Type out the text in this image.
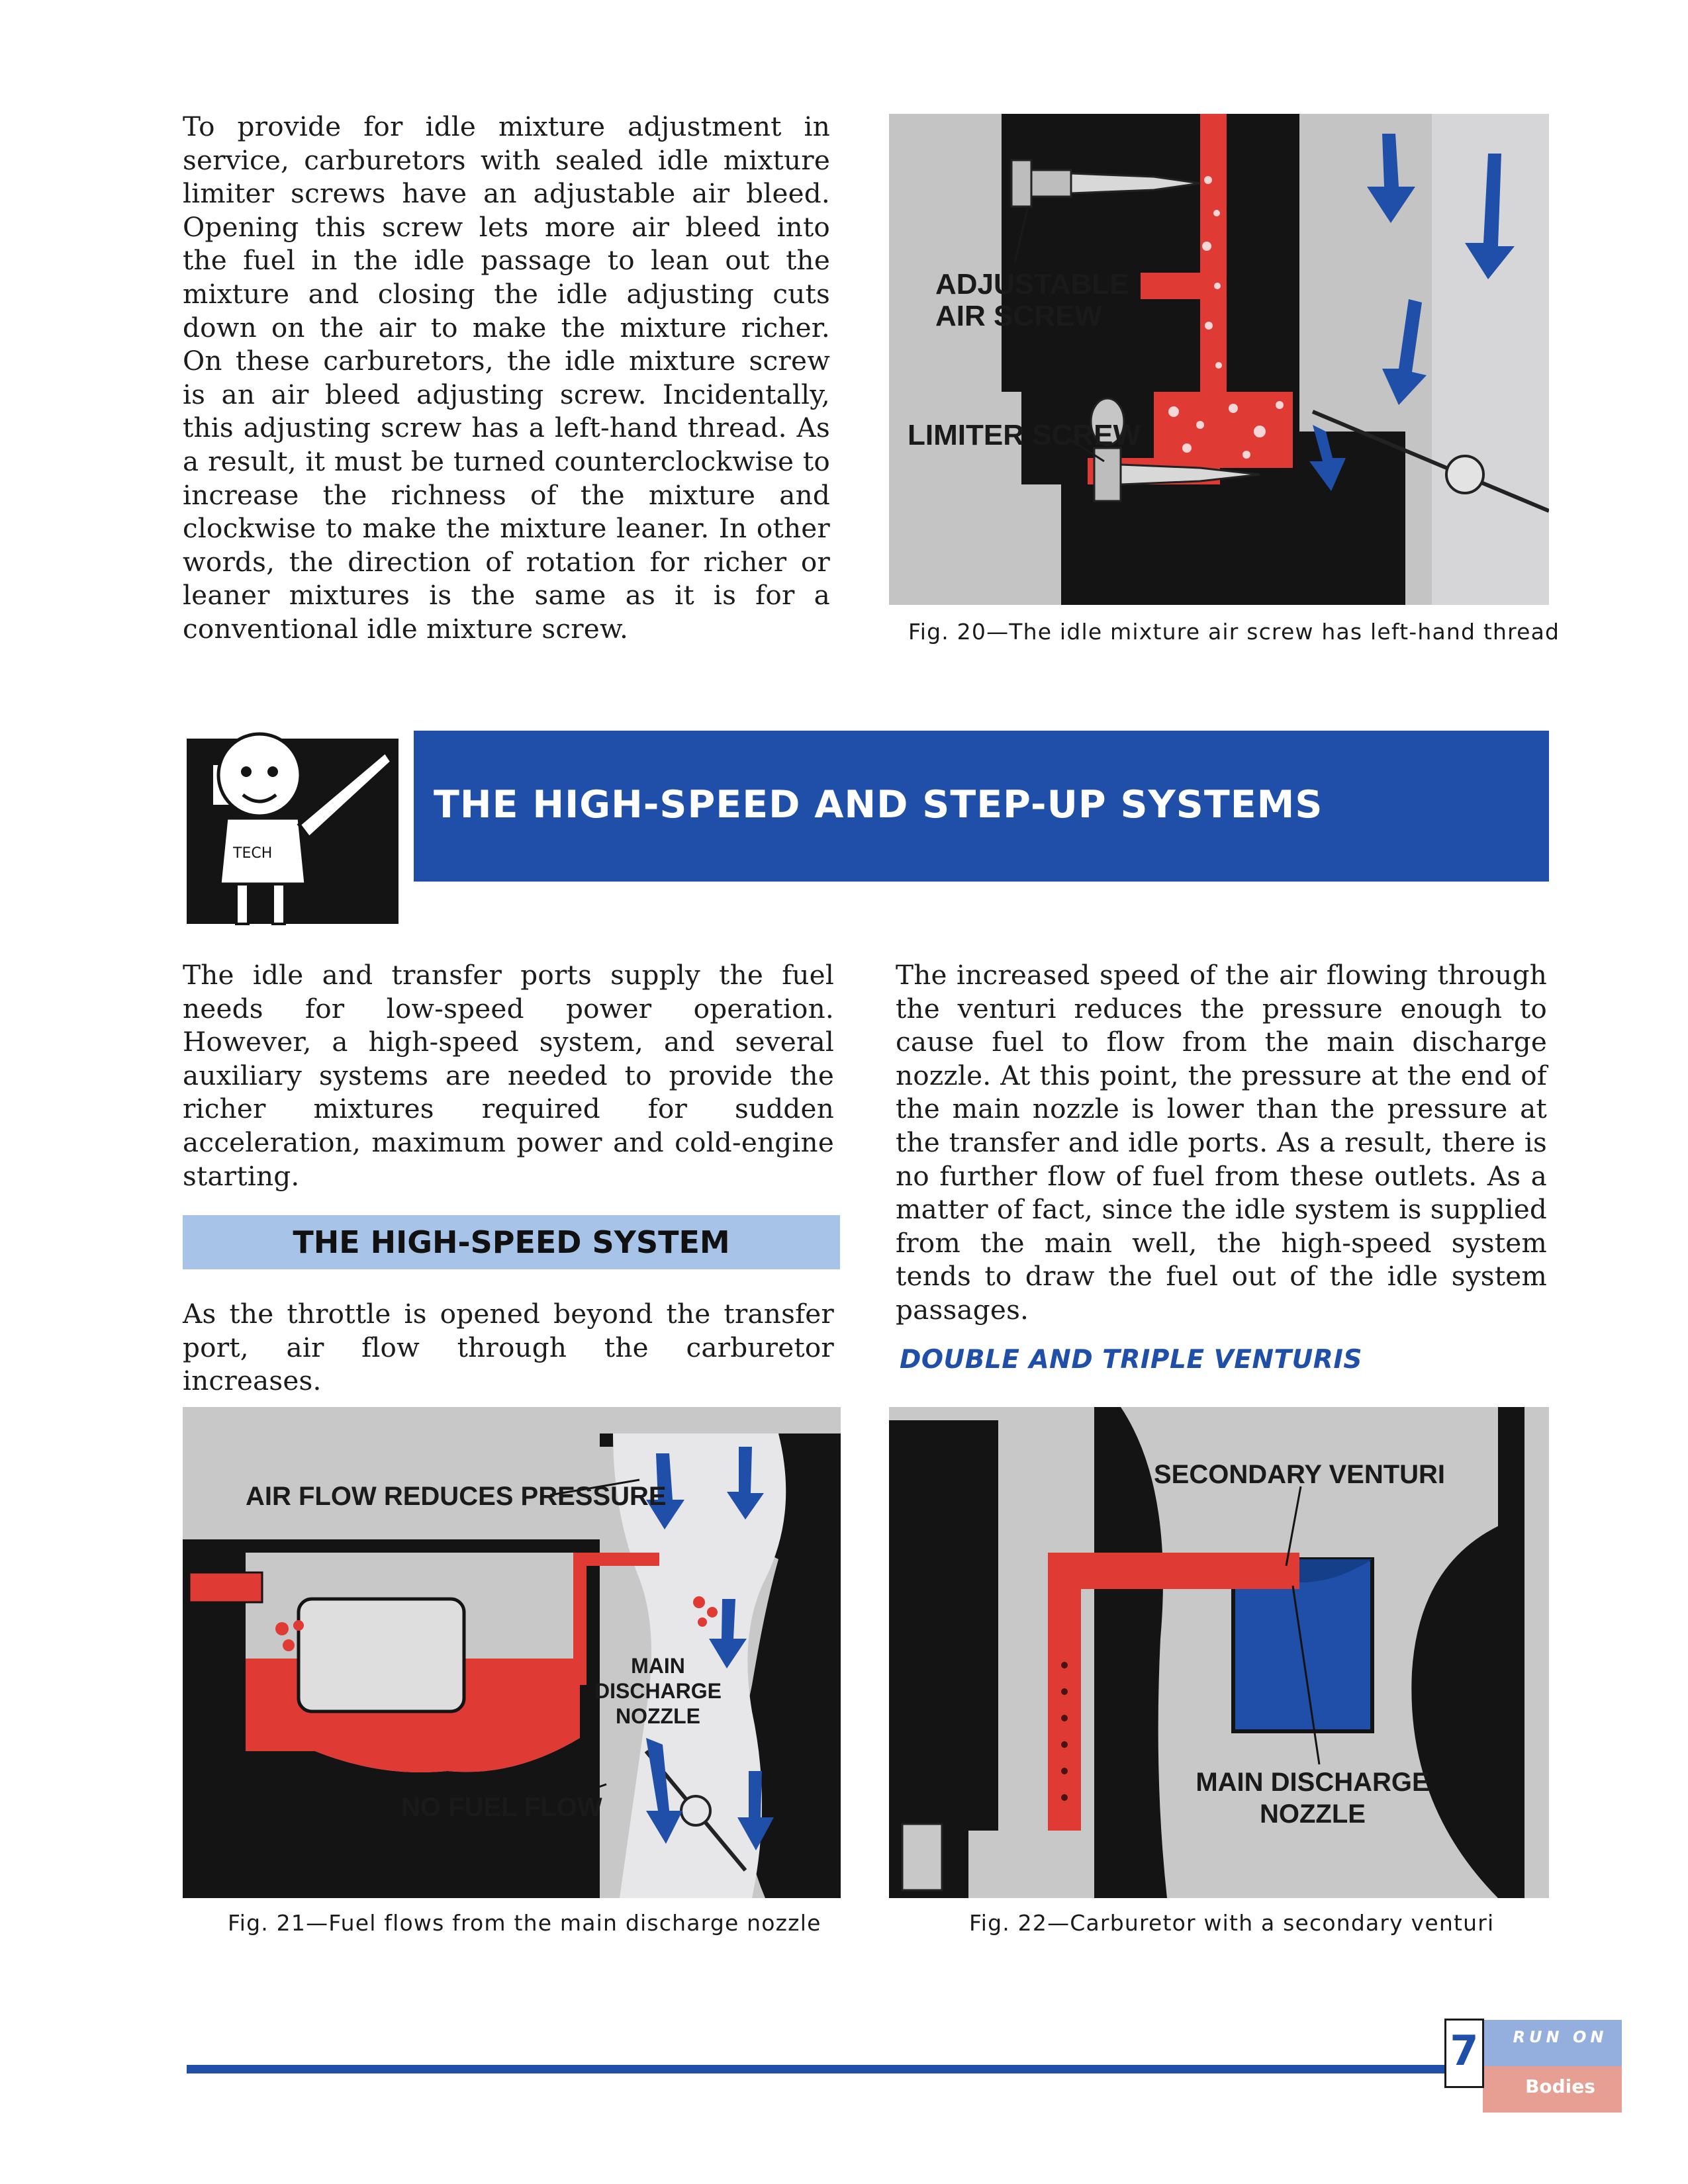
To provide for idle mixture adjustment in service, carburetors with sealed idle mixture limiter screws have an adjustable air bleed. Opening this screw lets more air bleed into the fuel in the idle passage to lean out the mixture and closing the idle adjusting cuts down on the air to make the mixture richer. On these carburetors, the idle mixture screw is an air bleed adjusting screw. Incidentally, this adjusting screw has a left-hand thread. As a result, it must be turned counterclockwise to increase the richness of the mixture and clockwise to make the mixture leaner. In other words, the direction of rotation for richer or leaner mixtures is the same as it is for a conventional idle mixture screw.
ADJUSTABLE
AIR SCREW
LIMITER SCREW
Fig. 20—The idle mixture air screw has left-hand thread
TECH
THE HIGH-SPEED AND STEP-UP SYSTEMS
The idle and transfer ports supply the fuel needs for low-speed power operation. However, a high-speed system, and several auxiliary systems are needed to provide the richer mixtures required for sudden acceleration, maximum power and cold-engine starting.
THE HIGH-SPEED SYSTEM
As the throttle is opened beyond the transfer port, air flow through the carburetor increases.
The increased speed of the air flowing through the venturi reduces the pressure enough to cause fuel to flow from the main discharge nozzle. At this point, the pressure at the end of the main nozzle is lower than the pressure at the transfer and idle ports. As a result, there is no further flow of fuel from these outlets. As a matter of fact, since the idle system is supplied from the main well, the high-speed system tends to draw the fuel out of the idle system passages.
DOUBLE AND TRIPLE VENTURIS
AIR FLOW REDUCES PRESSURE
MAIN
DISCHARGE
NOZZLE
NO FUEL FLOW
Fig. 21—Fuel flows from the main discharge nozzle
SECONDARY VENTURI
MAIN DISCHARGE
NOZZLE
Fig. 22—Carburetor with a secondary venturi
RUN ON
Bodies
7
